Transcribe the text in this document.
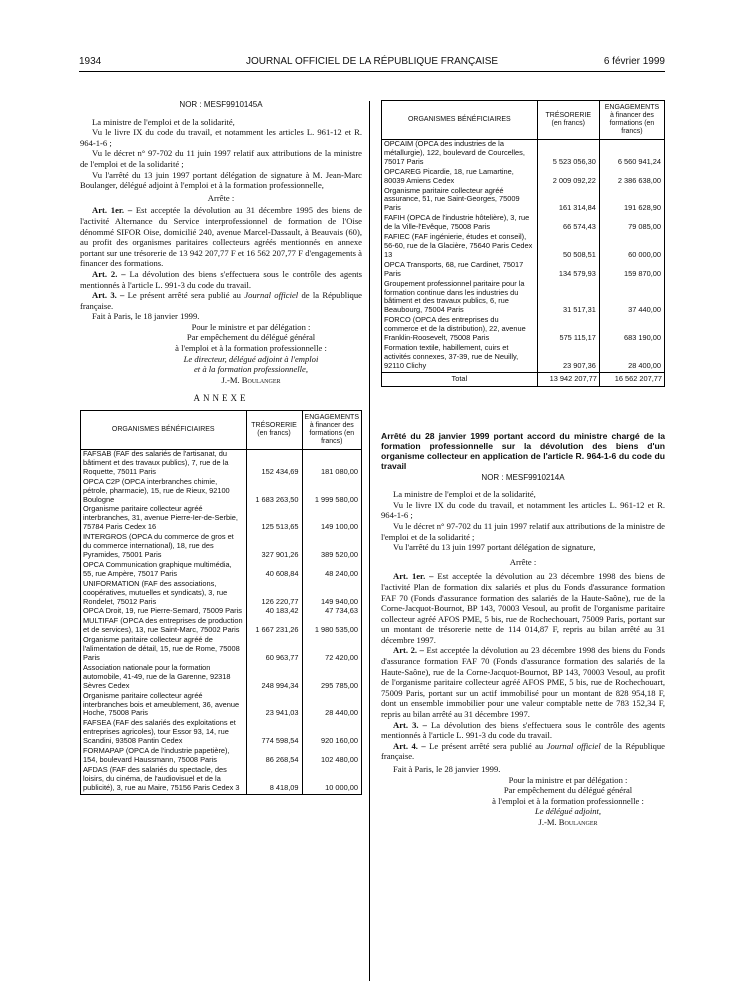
1934	JOURNAL OFFICIEL DE LA RÉPUBLIQUE FRANÇAISE	6 février 1999
NOR : MESF9910145A

La ministre de l'emploi et de la solidarité,

Vu le livre IX du code du travail, et notamment les articles L. 961-12 et R. 964-1-6 ;

Vu le décret n° 97-702 du 11 juin 1997 relatif aux attributions de la ministre de l'emploi et de la solidarité ;

Vu l'arrêté du 13 juin 1997 portant délégation de signature à M. Jean-Marc Boulanger, délégué adjoint à l'emploi et à la formation professionnelle,

Arrête :

Art. 1er. – Est acceptée la dévolution au 31 décembre 1995 des biens de l'activité Alternance du Service interprofessionnel de formation de l'Oise dénommé SIFOR Oise, domicilié 240, avenue Marcel-Dassault, à Beauvais (60), au profit des organismes paritaires collecteurs agréés mentionnés en annexe portant sur une trésorerie de 13 942 207,77 F et 16 562 207,77 F d'engagements à financer des formations.

Art. 2. – La dévolution des biens s'effectuera sous le contrôle des agents mentionnés à l'article L. 991-3 du code du travail.

Art. 3. – Le présent arrêté sera publié au Journal officiel de la République française.

Fait à Paris, le 18 janvier 1999.

Pour le ministre et par délégation :

Par empêchement du délégué général

à l'emploi et à la formation professionnelle :

Le directeur, délégué adjoint à l'emploi

et à la formation professionnelle,

J.-M. Boulanger

ANNEXE
ORGANISMES BÉNÉFICIAIRES	TRÉSORERIE (en francs)	ENGAGEMENTS à financer des formations (en francs)
FAFSAB (FAF des salariés de l'artisanat, du bâtiment et des travaux publics), 7, rue de la Roquette, 75011 Paris	152 434,69	181 080,00
OPCA C2P (OPCA interbranches chimie, pétrole, pharmacie), 15, rue de Rieux, 92100 Boulogne	1 683 263,50	1 999 580,00
Organisme paritaire collecteur agréé interbranches, 31, avenue Pierre-Ier-de-Serbie, 75784 Paris Cedex 16	125 513,65	149 100,00
INTERGROS (OPCA du commerce de gros et du commerce international), 18, rue des Pyramides, 75001 Paris	327 901,26	389 520,00
OPCA Communication graphique multimédia, 55, rue Ampère, 75017 Paris	40 608,84	48 240,00
UNIFORMATION (FAF des associations, coopératives, mutuelles et syndicats), 3, rue Rondelet, 75012 Paris	126 220,77	149 940,00
OPCA Droit, 19, rue Pierre-Semard, 75009 Paris	40 183,42	47 734,63
MULTIFAF (OPCA des entreprises de production et de services), 13, rue Saint-Marc, 75002 Paris	1 667 231,26	1 980 535,00
Organisme paritaire collecteur agréé de l'alimentation de détail, 15, rue de Rome, 75008 Paris	60 963,77	72 420,00
Association nationale pour la formation automobile, 41-49, rue de la Garenne, 92318 Sèvres Cedex	248 994,34	295 785,00
Organisme paritaire collecteur agréé interbranches bois et ameublement, 36, avenue Hoche, 75008 Paris	23 941,03	28 440,00
FAFSEA (FAF des salariés des exploitations et entreprises agricoles), tour Essor 93, 14, rue Scandini, 93508 Pantin Cedex	774 598,54	920 160,00
FORMAPAP (OPCA de l'industrie papetière), 154, boulevard Haussmann, 75008 Paris	86 268,54	102 480,00
AFDAS (FAF des salariés du spectacle, des loisirs, du cinéma, de l'audiovisuel et de la publicité), 3, rue au Maire, 75156 Paris Cedex 3	8 418,09	10 000,00
ORGANISMES BÉNÉFICIAIRES	TRÉSORERIE (en francs)	ENGAGEMENTS à financer des formations (en francs)
OPCAIM (OPCA des industries de la métallurgie), 122, boulevard de Courcelles, 75017 Paris	5 523 056,30	6 560 941,24
OPCAREG Picardie, 18, rue Lamartine, 80039 Amiens Cedex	2 009 092,22	2 386 638,00
Organisme paritaire collecteur agréé assurance, 51, rue Saint-Georges, 75009 Paris	161 314,84	191 628,90
FAFIH (OPCA de l'industrie hôtelière), 3, rue de la Ville-l'Evêque, 75008 Paris	66 574,43	79 085,00
FAFIEC (FAF ingénierie, études et conseil), 56-60, rue de la Glacière, 75640 Paris Cedex 13	50 508,51	60 000,00
OPCA Transports, 68, rue Cardinet, 75017 Paris	134 579,93	159 870,00
Groupement professionnel paritaire pour la formation continue dans les industries du bâtiment et des travaux publics, 6, rue Beaubourg, 75004 Paris	31 517,31	37 440,00
FORCO (OPCA des entreprises du commerce et de la distribution), 22, avenue Franklin-Roosevelt, 75008 Paris	575 115,17	683 190,00
Formation textile, habillement, cuirs et activités connexes, 37-39, rue de Neuilly, 92110 Clichy	23 907,36	28 400,00
Total	13 942 207,77	16 562 207,77
Arrêté du 28 janvier 1999 portant accord du ministre chargé de la formation professionnelle sur la dévolution des biens d'un organisme collecteur en application de l'article R. 964-1-6 du code du travail
NOR : MESF9910214A

La ministre de l'emploi et de la solidarité,

Vu le livre IX du code du travail, et notamment les articles L. 961-12 et R. 964-1-6 ;

Vu le décret n° 97-702 du 11 juin 1997 relatif aux attributions de la ministre de l'emploi et de la solidarité ;

Vu l'arrêté du 13 juin 1997 portant délégation de signature,

Arrête :

Art. 1er. – Est acceptée la dévolution au 23 décembre 1998 des biens de l'activité Plan de formation dix salariés et plus du Fonds d'assurance formation FAF 70 (Fonds d'assurance formation des salariés de la Haute-Saône), rue de la Corne-Jacquot-Bournot, BP 143, 70003 Vesoul, au profit de l'organisme paritaire collecteur agréé AFOS PME, 5 bis, rue de Rochechouart, 75009 Paris, portant sur un montant de trésorerie nette de 114 014,87 F, repris au bilan arrêté au 31 décembre 1997.

Art. 2. – Est acceptée la dévolution au 23 décembre 1998 des biens du Fonds d'assurance formation FAF 70 (Fonds d'assurance formation des salariés de la Haute-Saône), rue de la Corne-Jacquot-Bournot, BP 143, 70003 Vesoul, au profit de l'organisme paritaire collecteur agréé AFOS PME, 5 bis, rue de Rochechouart, 75009 Paris, portant sur un actif immobilisé pour un montant de 828 954,18 F, dont un ensemble immobilier pour une valeur comptable nette de 783 152,34 F, repris au bilan arrêté au 31 décembre 1997.

Art. 3. – La dévolution des biens s'effectuera sous le contrôle des agents mentionnés à l'article L. 991-3 du code du travail.

Art. 4. – Le présent arrêté sera publié au Journal officiel de la République française.

Fait à Paris, le 28 janvier 1999.

Pour la ministre et par délégation :

Par empêchement du délégué général

à l'emploi et à la formation professionnelle :

Le délégué adjoint,

J.-M. Boulanger
